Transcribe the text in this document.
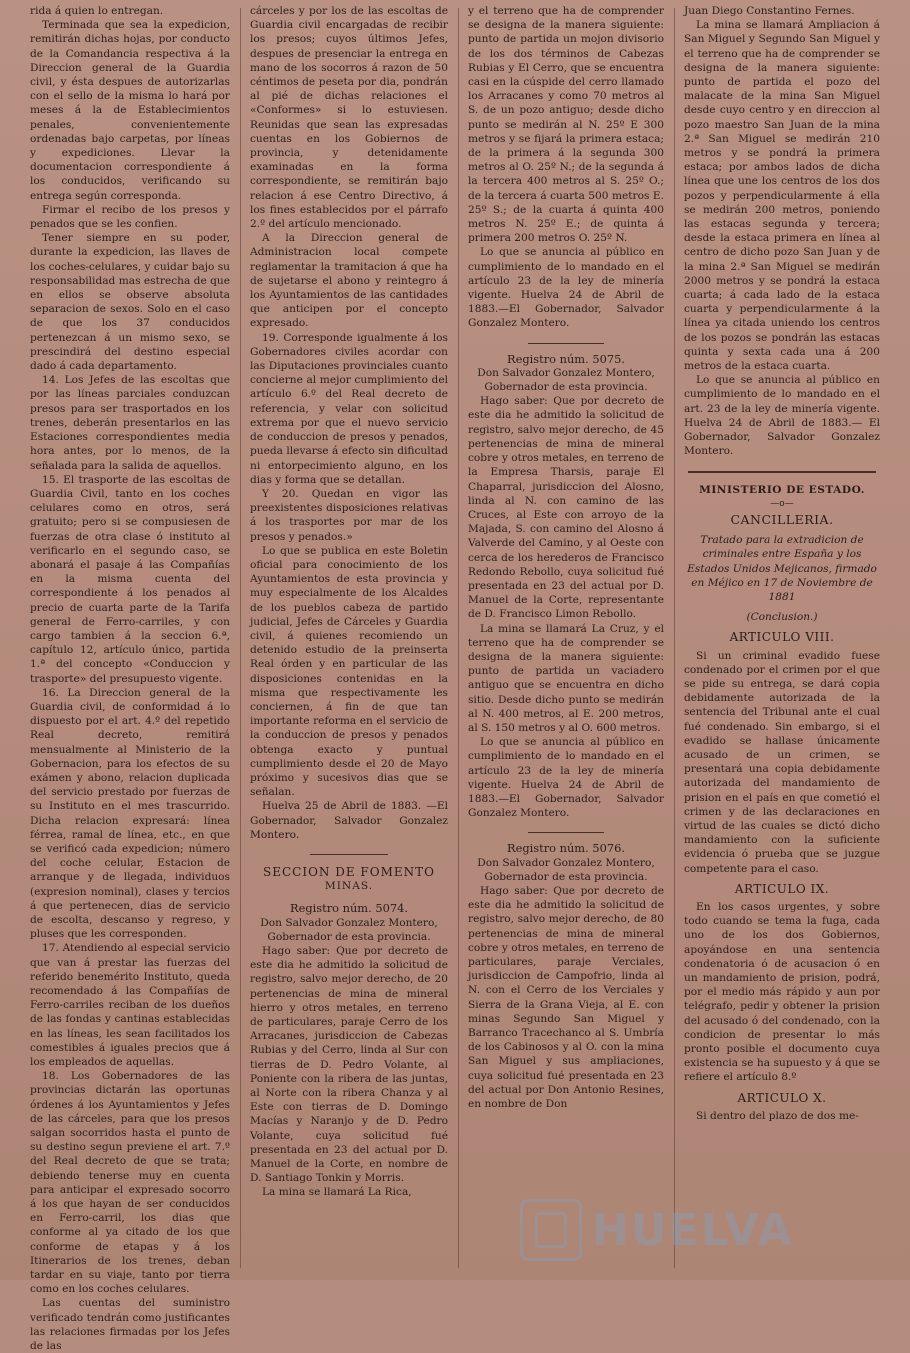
rida á quien lo entregan.

Terminada que sea la expedicion, remitirán dichas hojas, por conducto de la Comandancia respectiva á la Direccion general de la Guardia civil, y ésta despues de autorizarlas con el sello de la misma lo hará por meses á la de Establecimientos penales, convenientemente ordenadas bajo carpetas, por líneas y expediciones. Llevar la documentacion correspondiente á los conducidos, verificando su entrega según corresponda.

Firmar el recibo de los presos y penados que se les confien.

Tener siempre en su poder, durante la expedicion, las llaves de los coches-celulares, y cuidar bajo su responsabilidad mas estrecha de que en ellos se observe absoluta separacion de sexos. Solo en el caso de que los 37 conducidos pertenezcan á un mismo sexo, se prescindirá del destino especial dado á cada departamento.

14. Los Jefes de las escoltas que por las líneas parciales conduzcan presos para ser trasportados en los trenes, deberán presentarlos en las Estaciones correspondientes media hora antes, por lo menos, de la señalada para la salida de aquellos.

15. El trasporte de las escoltas de Guardia Civil, tanto en los coches celulares como en otros, será gratuito; pero si se compusiesen de fuerzas de otra clase ó instituto al verificarlo en el segundo caso, se abonará el pasaje á las Compañías en la misma cuenta del correspondiente á los penados al precio de cuarta parte de la Tarifa general de Ferro-carriles, y con cargo tambien á la seccion 6.ª, capítulo 12, artículo único, partida 1.ª del concepto «Conduccion y trasporte» del presupuesto vigente.

16. La Direccion general de la Guardia civil, de conformidad á lo dispuesto por el art. 4.º del repetido Real decreto, remitirá mensualmente al Ministerio de la Gobernacion, para los efectos de su exámen y abono, relacion duplicada del servicio prestado por fuerzas de su Instituto en el mes trascurrido. Dicha relacion expresará: línea férrea, ramal de línea, etc., en que se verificó cada expedicion; número del coche celular, Estacion de arranque y de llegada, individuos (expresion nominal), clases y tercios á que pertenecen, dias de servicio de escolta, descanso y regreso, y pluses que les corresponden.

17. Atendiendo al especial servicio que van á prestar las fuerzas del referido benemérito Instituto, queda recomendado á las Compañías de Ferro-carriles reciban de los dueños de las fondas y cantinas establecidas en las líneas, les sean facilitados los comestibles á iguales precios que á los empleados de aquellas.

18. Los Gobernadores de las provincias dictarán las oportunas órdenes á los Ayuntamientos y Jefes de las cárceles, para que los presos salgan socorridos hasta el punto de su destino segun previene el art. 7.º del Real decreto de que se trata; debiendo tenerse muy en cuenta para anticipar el expresado socorro á los que hayan de ser conducidos en Ferro-carril, los dias que conforme al ya citado de los que conforme de etapas y á los Itinerarios de los trenes, deban tardar en su viaje, tanto por tierra como en los coches celulares.

Las cuentas del suministro verificado tendrán como justificantes las relaciones firmadas por los Jefes de las

cárceles y por los de las escoltas de Guardia civil encargadas de recibir los presos; cuyos últimos Jefes, despues de presenciar la entrega en mano de los socorros á razon de 50 céntimos de peseta por dia, pondrán al pié de dichas relaciones el «Conformes» si lo estuviesen. Reunidas que sean las expresadas cuentas en los Gobiernos de provincia, y detenidamente examinadas en la forma correspondiente, se remitirán bajo relacion á ese Centro Directivo, á los fines establecidos por el párrafo 2.º del artículo mencionado.

A la Direccion general de Administracion local compete reglamentar la tramitacion á que ha de sujetarse el abono y reintegro á los Ayuntamientos de las cantidades que anticipen por el concepto expresado.

19. Corresponde igualmente á los Gobernadores civiles acordar con las Diputaciones provinciales cuanto concierne al mejor cumplimiento del artículo 6.º del Real decreto de referencia, y velar con solicitud extrema por que el nuevo servicio de conduccion de presos y penados, pueda llevarse á efecto sin dificultad ni entorpecimiento alguno, en los dias y forma que se detallan.

Y 20. Quedan en vigor las preexistentes disposiciones relativas á los trasportes por mar de los presos y penados.»

Lo que se publica en este Boletin oficial para conocimiento de los Ayuntamientos de esta provincia y muy especialmente de los Alcaldes de los pueblos cabeza de partido judicial, Jefes de Cárceles y Guardia civil, á quienes recomiendo un detenido estudio de la preinserta Real órden y en particular de las disposiciones contenidas en la misma que respectivamente les conciernen, á fin de que tan importante reforma en el servicio de la conduccion de presos y penados obtenga exacto y puntual cumplimiento desde el 20 de Mayo próximo y sucesivos dias que se señalan.

Huelva 25 de Abril de 1883. —El Gobernador, Salvador Gonzalez Montero.

SECCION DE FOMENTO
MINAS.
Registro núm. 5074.

Don Salvador Gonzalez Montero, Gobernador de esta provincia.

Hago saber: Que por decreto de este dia he admitido la solicitud de registro, salvo mejor derecho, de 20 pertenencias de mina de mineral hierro y otros metales, en terreno de particulares, paraje Cerro de los Arracanes, jurisdiccion de Cabezas Rubias y del Cerro, linda al Sur con tierras de D. Pedro Volante, al Poniente con la ribera de las juntas, al Norte con la ribera Chanza y al Este con tierras de D. Domingo Macías y Naranjo y de D. Pedro Volante, cuya solicitud fué presentada en 23 del actual por D. Manuel de la Corte, en nombre de D. Santiago Tonkin y Morris.

La mina se llamará La Rica,

y el terreno que ha de comprender se designa de la manera siguiente: punto de partida un mojon divisorio de los dos términos de Cabezas Rubias y El Cerro, que se encuentra casi en la cúspide del cerro llamado los Arracanes y como 70 metros al S. de un pozo antiguo; desde dicho punto se medirán al N. 25º E 300 metros y se fijará la primera estaca; de la primera á la segunda 300 metros al O. 25º N.; de la segunda á la tercera 400 metros al S. 25º O.; de la tercera á cuarta 500 metros E. 25º S.; de la cuarta á quinta 400 metros N. 25º E.; de quinta á primera 200 metros O. 25º N.

Lo que se anuncia al público en cumplimiento de lo mandado en el artículo 23 de la ley de minería vigente. Huelva 24 de Abril de 1883.—El Gobernador, Salvador Gonzalez Montero.

Registro núm. 5075.

Don Salvador Gonzalez Montero, Gobernador de esta provincia.

Hago saber: Que por decreto de este dia he admitido la solicitud de registro, salvo mejor derecho, de 45 pertenencias de mina de mineral cobre y otros metales, en terreno de la Empresa Tharsis, paraje El Chaparral, jurisdiccion del Alosno, linda al N. con camino de las Cruces, al Este con arroyo de la Majada, S. con camino del Alosno á Valverde del Camino, y al Oeste con cerca de los herederos de Francisco Redondo Rebollo, cuya solicitud fué presentada en 23 del actual por D. Manuel de la Corte, representante de D. Francisco Limon Rebollo.

La mina se llamará La Cruz, y el terreno que ha de comprender se designa de la manera siguiente: punto de partida un vaciadero antiguo que se encuentra en dicho sitio. Desde dicho punto se medirán al N. 400 metros, al E. 200 metros, al S. 150 metros y al O. 600 metros.

Lo que se anuncia al público en cumplimiento de lo mandado en el artículo 23 de la ley de minería vigente. Huelva 24 de Abril de 1883.—El Gobernador, Salvador Gonzalez Montero.

Registro núm. 5076.

Don Salvador Gonzalez Montero, Gobernador de esta provincia.

Hago saber: Que por decreto de este dia he admitido la solicitud de registro, salvo mejor derecho, de 80 pertenencias de mina de mineral cobre y otros metales, en terreno de particulares, paraje Verciales, jurisdiccion de Campofrio, linda al N. con el Cerro de los Verciales y Sierra de la Grana Vieja, al E. con minas Segundo San Miguel y Barranco Tracechanco al S. Umbría de los Cabinosos y al O. con la mina San Miguel y sus ampliaciones, cuya solicitud fué presentada en 23 del actual por Don Antonio Resines, en nombre de Don

Juan Diego Constantino Fernes.

La mina se llamará Ampliacion á San Miguel y Segundo San Miguel y el terreno que ha de comprender se designa de la manera siguiente: punto de partida el pozo del malacate de la mina San Miguel desde cuyo centro y en direccion al pozo maestro San Juan de la mina 2.ª San Miguel se medirán 210 metros y se pondrá la primera estaca; por ambos lados de dicha línea que une los centros de los dos pozos y perpendicularmente á ella se medirán 200 metros, poniendo las estacas segunda y tercera; desde la estaca primera en línea al centro de dicho pozo San Juan y de la mina 2.ª San Miguel se medirán 2000 metros y se pondrá la estaca cuarta; á cada lado de la estaca cuarta y perpendicularmente á la línea ya citada uniendo los centros de los pozos se pondrán las estacas quinta y sexta cada una á 200 metros de la estaca cuarta.

Lo que se anuncia al público en cumplimiento de lo mandado en el art. 23 de la ley de minería vigente. Huelva 24 de Abril de 1883.— El Gobernador, Salvador Gonzalez Montero.

MINISTERIO DE ESTADO.
—o—
CANCILLERIA.

Tratado para la extradicion de criminales entre España y los Estados Unidos Mejicanos, firmado en Méjico en 17 de Noviembre de 1881

(Conclusion.)

ARTICULO VIII.

Si un criminal evadido fuese condenado por el crimen por el que se pide su entrega, se dará copia debidamente autorizada de la sentencia del Tribunal ante el cual fué condenado. Sin embargo, si el evadido se hallase únicamente acusado de un crimen, se presentará una copia debidamente autorizada del mandamiento de prision en el país en que cometió el crimen y de las declaraciones en virtud de las cuales se dictó dicho mandamiento con la suficiente evidencia ó prueba que se juzgue competente para el caso.

ARTICULO IX.

En los casos urgentes, y sobre todo cuando se tema la fuga, cada uno de los dos Gobiernos, apoyándose en una sentencia condenatoria ó de acusacion ó en un mandamiento de prision, podrá, por el medio más rápido y aun por telégrafo, pedir y obtener la prision del acusado ó del condenado, con la condicion de presentar lo más pronto posible el documento cuya existencia se ha supuesto y á que se refiere el artículo 8.º

ARTICULO X.

Si dentro del plazo de dos me-

HUELVA
